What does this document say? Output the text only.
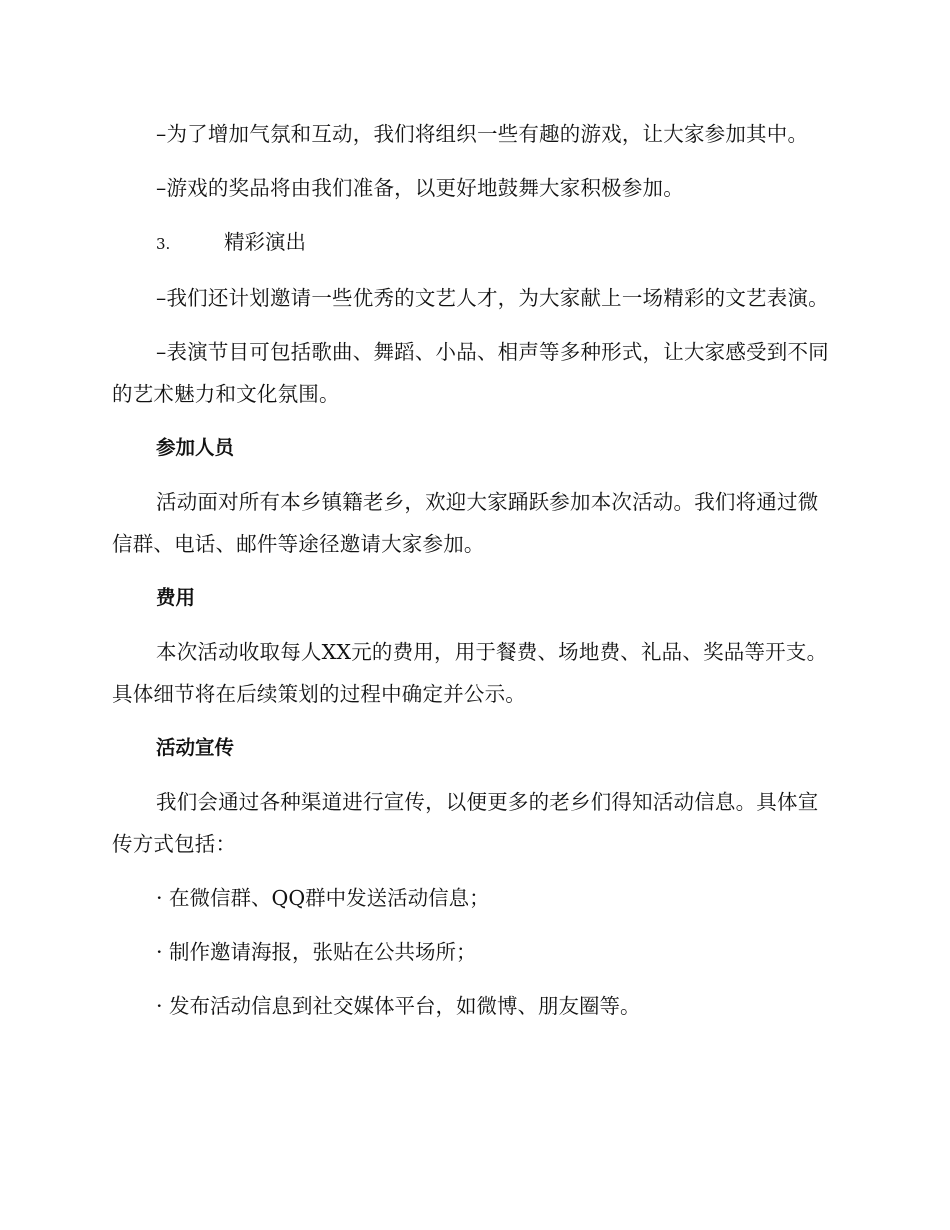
–为了增加气氛和互动，我们将组织一些有趣的游戏，让大家参加其中。

–游戏的奖品将由我们准备，以更好地鼓舞大家积极参加。

3.	精彩演出

–我们还计划邀请一些优秀的文艺人才，为大家献上一场精彩的文艺表演。

–表演节目可包括歌曲、舞蹈、小品、相声等多种形式，让大家感受到不同的艺术魅力和文化氛围。

参加人员

活动面对所有本乡镇籍老乡，欢迎大家踊跃参加本次活动。我们将通过微信群、电话、邮件等途径邀请大家参加。

费用

本次活动收取每人XX元的费用，用于餐费、场地费、礼品、奖品等开支。具体细节将在后续策划的过程中确定并公示。

活动宣传

我们会通过各种渠道进行宣传，以便更多的老乡们得知活动信息。具体宣传方式包括：

· 在微信群、QQ群中发送活动信息；

· 制作邀请海报，张贴在公共场所；

· 发布活动信息到社交媒体平台，如微博、朋友圈等。
